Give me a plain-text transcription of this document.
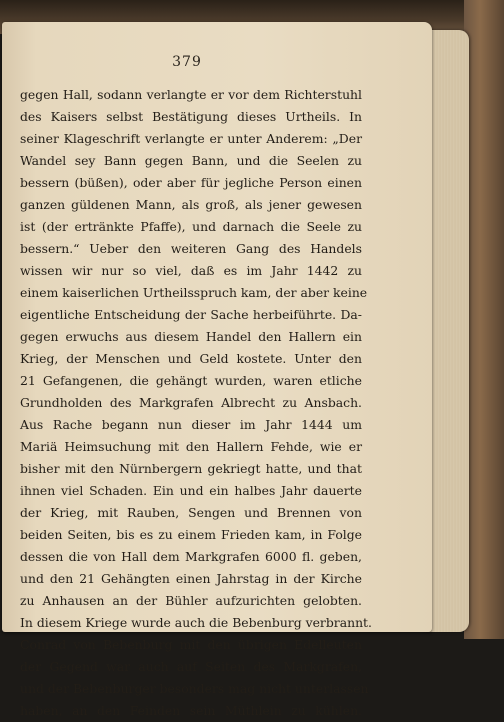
379
gegen Hall, sodann verlangte er vor dem Richterstuhl
des Kaisers selbst Bestätigung dieses Urtheils. In
seiner Klageschrift verlangte er unter Anderem: „Der
Wandel sey Bann gegen Bann, und die Seelen zu
bessern (büßen), oder aber für jegliche Person einen
ganzen güldenen Mann, als groß, als jener gewesen
ist (der ertränkte Pfaffe), und darnach die Seele zu
bessern.“ Ueber den weiteren Gang des Handels
wissen wir nur so viel, daß es im Jahr 1442 zu
einem kaiserlichen Urtheilsspruch kam, der aber keine
eigentliche Entscheidung der Sache herbeiführte. Da-
gegen erwuchs aus diesem Handel den Hallern ein
Krieg, der Menschen und Geld kostete. Unter den
21 Gefangenen, die gehängt wurden, waren etliche
Grundholden des Markgrafen Albrecht zu Ansbach.
Aus Rache begann nun dieser im Jahr 1444 um
Mariä Heimsuchung mit den Hallern Fehde, wie er
bisher mit den Nürnbergern gekriegt hatte, und that
ihnen viel Schaden. Ein und ein halbes Jahr dauerte
der Krieg, mit Rauben, Sengen und Brennen von
beiden Seiten, bis es zu einem Frieden kam, in Folge
dessen die von Hall dem Markgrafen 6000 fl. geben,
und den 21 Gehängten einen Jahrstag in der Kirche
zu Anhausen an der Bühler aufzurichten gelobten.
In diesem Kriege wurde auch die Bebenburg verbrannt.
Conrad von Bebenburg mit den übrigen Edelleuten
der Gegend war auch auf Seiten des Markgrafen,
und der Bebenburger besonders mag nicht unterlassen
haben, an den Feinden sein Müthlein zu kühlen.
